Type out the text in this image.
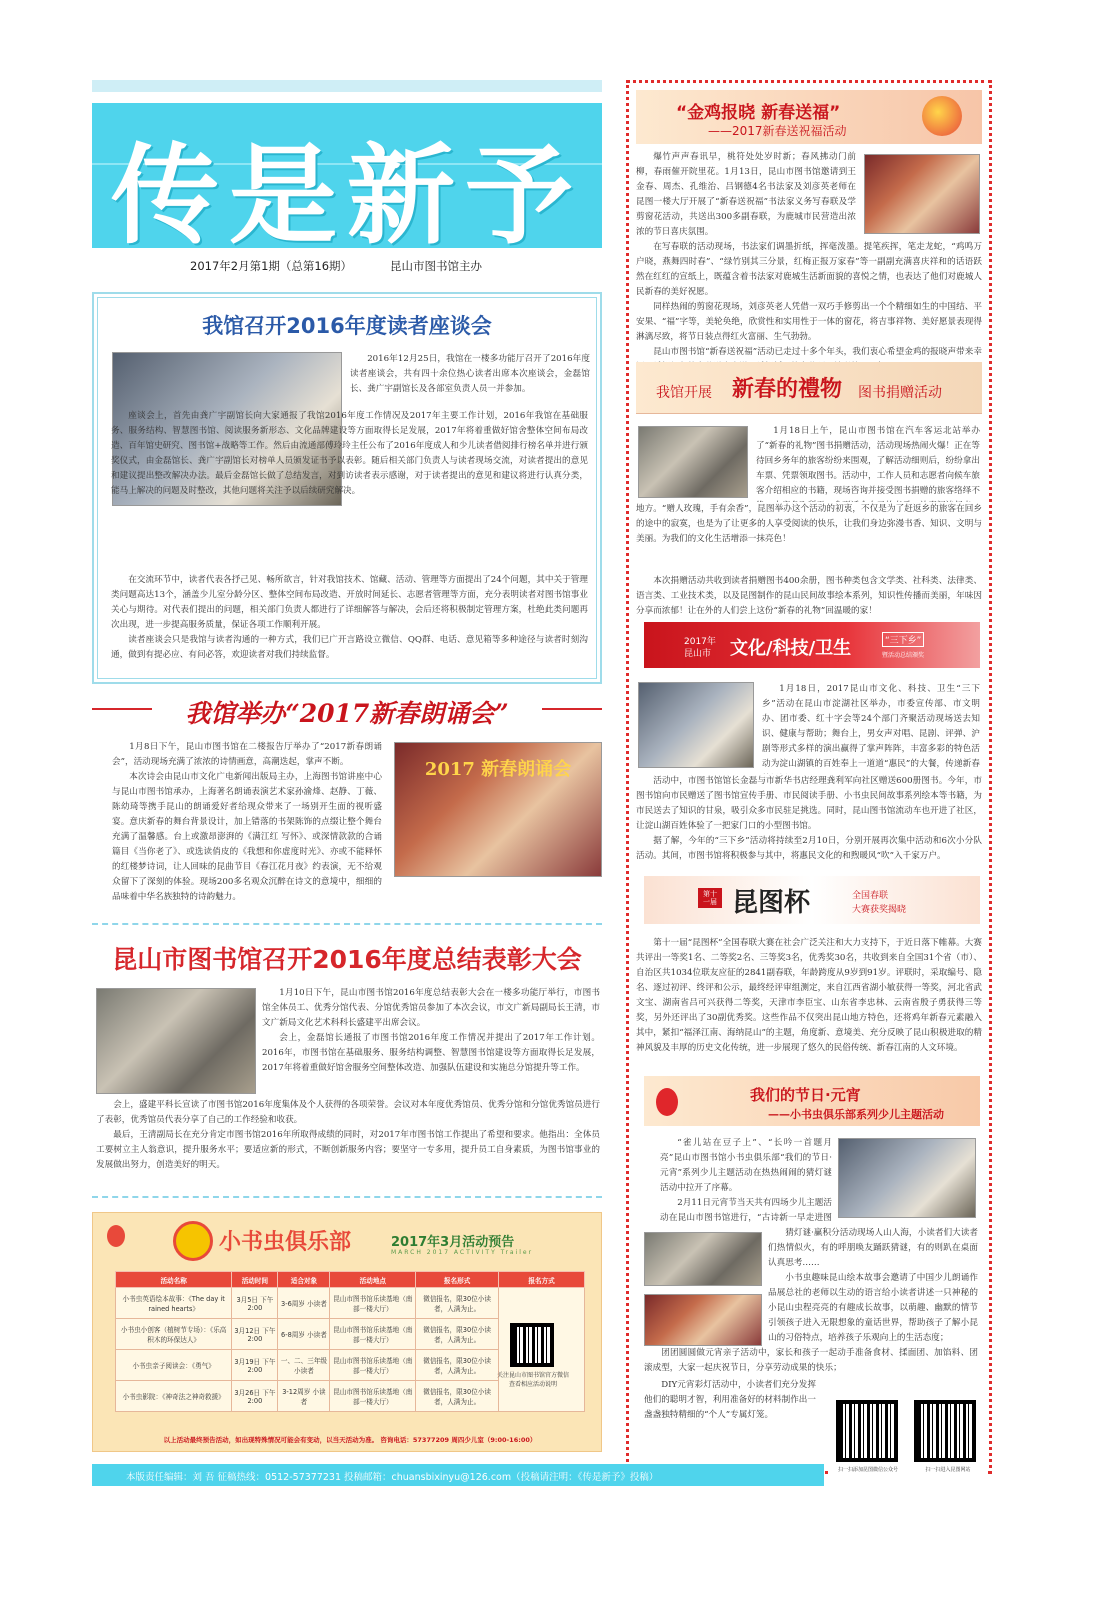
传是新予
2017年2月第1期（总第16期）	昆山市图书馆主办
我馆召开2016年度读者座谈会

2016年12月25日，我馆在一楼多功能厅召开了2016年度读者座谈会，共有四十余位热心读者出席本次座谈会，金磊馆长、龚广宇副馆长及各部室负责人员一并参加。

座谈会上，首先由龚广宇副馆长向大家通报了我馆2016年度工作情况及2017年主要工作计划，2016年我馆在基础服务、服务结构、智慧图书馆、阅读服务新形态、文化品牌建设等方面取得长足发展，2017年将着重做好馆舍整体空间布局改造、百年馆史研究、图书馆+战略等工作。然后由流通部傅玲玲主任公布了2016年度成人和少儿读者借阅排行榜名单并进行颁奖仪式，由金磊馆长、龚广宇副馆长对榜单人员颁发证书予以表彰。随后相关部门负责人与读者现场交流，对读者提出的意见和建议提出整改解决办法。最后金磊馆长做了总结发言，对到访读者表示感谢，对于读者提出的意见和建议将进行认真分类，能马上解决的问题及时整改，其他问题将关注予以后续研究解决。

在交流环节中，读者代表各抒己见、畅所欲言，针对我馆技术、馆藏、活动、管理等方面提出了24个问题，其中关于管理类问题高达13个，涵盖少儿室分龄分区、整体空间布局改造、开放时间延长、志愿者管理等方面，充分表明读者对图书馆事业关心与期待。对代表们提出的问题，相关部门负责人都进行了详细解答与解决，会后还将积极制定管理方案，杜绝此类问题再次出现，进一步提高服务质量，保证各项工作顺利开展。

读者座谈会只是我馆与读者沟通的一种方式，我们已广开言路设立微信、QQ群、电话、意见箱等多种途径与读者时刻沟通，做到有提必应、有问必答，欢迎读者对我们持续监督。

我馆举办“2017新春朗诵会”

1月8日下午，昆山市图书馆在二楼报告厅举办了“2017新春朗诵会”，活动现场充满了浓浓的诗情画意，高潮迭起，掌声不断。

本次诗会由昆山市文化广电新闻出版局主办，上海图书馆讲座中心与昆山市图书馆承办，上海著名朗诵表演艺术家孙渝烽、赵静、丁薇、陈幼琦等携手昆山的朗诵爱好者给现众带来了一场别开生面的视听盛宴。意庆新春的舞台背景设计，加上错落的书架陈饰的点缀让整个舞台充满了温馨感。台上或激昂澎湃的《满江红 写怀》、或深情款款的合诵篇目《当你老了》、或选读俏皮的《我想和你虚度时光》、亦或不能释怀的红楼梦诗词，让人回味的昆曲节目《春江花月夜》约表演，无不给观众留下了深刻的体验。现场200多名观众沉醉在诗文的意境中，细细的品味着中华名族独特的诗韵魅力。

2017 新春朗诵会
昆山市图书馆召开2016年度总结表彰大会

1月10日下午，昆山市图书馆2016年度总结表彰大会在一楼多功能厅举行，市图书馆全体员工、优秀分馆代表、分馆优秀馆员参加了本次会议，市文广新局副局长王清，市文广新局文化艺术科科长盛建平出席会议。

会上，金磊馆长通报了市图书馆2016年度工作情况并提出了2017年工作计划。2016年，市图书馆在基础服务、服务结构调整、智慧图书馆建设等方面取得长足发展，2017年将着重做好馆舍服务空间整体改造、加强队伍建设和实施总分馆提升等工作。

会上，盛建平科长宣读了市图书馆2016年度集体及个人获得的各项荣誉。会议对本年度优秀馆员、优秀分馆和分馆优秀馆员进行了表彰，优秀馆员代表分享了自己的工作经验和收获。

最后，王清副局长在充分肯定市图书馆2016年所取得成绩的同时，对2017年市图书馆工作提出了希望和要求。他指出：全体员工要树立主人翁意识，提升服务水平；要适应新的形式，不断创新服务内容；要坚守一专多用，提升员工自身素质，为图书馆事业的发展做出努力，创造美好的明天。

小书虫俱乐部	2017年3月活动预告
MARCH 2017 ACTIVITY Trailer
活动名称	活动时间	适合对象	活动地点	报名形式	报名方式
小书虫英语绘本故事：《The day it rained hearts》	3月5日 下午2:00	3-6周岁 小读者	昆山市图书馆乐读基地（南部一楼大厅）	微信报名，限30位小读者，人满为止。	
小书虫小创客（植树节专场）：《乐高积木的环保达人》	3月12日 下午2:00	6-8周岁 小读者	昆山市图书馆乐读基地（南部一楼大厅）	微信报名，限30位小读者，人满为止。	
小书虫亲子阅读会：《勇气》	3月19日 下午2:00	一、二、三年级小读者	昆山市图书馆乐读基地（南部一楼大厅）	微信报名，限30位小读者，人满为止。	
小书虫影院：《神奇法之神奇救援》	3月26日 下午2:00	3-12周岁 小读者	昆山市图书馆乐读基地（南部一楼大厅）	微信报名，限30位小读者，人满为止。	
关注昆山市图书馆官方微信 查看相应活动说明
以上活动最终预告活动，如出现特殊情况可能会有变动，以当天活动为准。 咨询电话：57377209 周四少儿室（9:00-16:00）
“金鸡报晓 新春送福”
——2017新春送祝福活动

爆竹声声春讯早，桃符处处岁时新；春风拂动门前柳，春雨催开院里花。1月13日，昆山市图书馆邀请到王金春、周杰、孔维治、吕钢德4名书法家及刘彦英老师在昆图一楼大厅开展了“新春送祝福”书法家义务写春联及学剪窗花活动，共送出300多副春联，为鹿城市民营造出浓浓的节日喜庆氛围。

在写春联的活动现场，书法家们调墨折纸，挥毫泼墨。提笔疾挥，笔走龙蛇，“鸡鸣万户晓，燕舞四时春”、“绿竹别其三分景，红梅正报万家春”等一副副充满喜庆祥和的话语跃然在红红的宣纸上，既蕴含着书法家对鹿城生活新面貌的喜悦之情，也表达了他们对鹿城人民新春的美好祝愿。

同样热闹的剪窗花现场，刘彦英老人凭借一双巧手修剪出一个个精细如生的中国结、平安果、“福”字等，美轮奂绝，欣赏性和实用性于一体的窗花，将吉事祥物、美好愿景表现得淋漓尽致，将节日装点得红火富丽、生气勃勃。

昆山市图书馆“新春送祝福”活动已走过十多个年头，我们衷心希望金鸡的报晓声带来幸

我馆开展 新春的禮物 图书捐赠活动

1月18日上午，昆山市图书馆在汽车客运北站举办了“新春的礼物”图书捐赠活动，活动现场热闹火爆！正在等待回乡务年的旅客纷纷来围观，了解活动细则后，纷纷拿出车票、凭票领取图书。活动中，工作人员和志愿者向候车旅客介绍相应的书籍，现场咨询并接受图书捐赠的旅客络绎不

地方。“赠人玫瑰，手有余香”，昆图举办这个活动的初衷，不仅是为了赶返乡的旅客在回乡的途中的寂寞，也是为了让更多的人享受阅读的快乐，让我们身边弥漫书香、知识、文明与美丽。为我们的文化生活增添一抹亮色！

本次捐赠活动共收到读者捐赠图书400余册，图书种类包含文学类、社科类、法律类、语言类、工业技术类，以及昆图制作的昆山民间故事绘本系列，知识性传播而美丽，年味因分享而浓郁！让在外的人们尝上这份“新春的礼物”回温暖的家！

2017年
昆山市 文化/科技/卫生	“三下乡”
暨活动总结颁奖

1月18日，2017昆山市文化、科技、卫生“三下乡”活动在昆山市淀湖社区举办，市委宣传部、市文明办、团市委、红十字会等24个部门齐聚活动现场送去知识、健康与帮助；舞台上，男女声对唱、昆剧、评弹、沪剧等形式多样的演出赢得了掌声阵阵，丰富多彩的特色活动为淀山湖镇的百姓奉上一道道“惠民”的大餐，传递新春

活动中，市图书馆馆长金磊与市新华书店经理龚利军向社区赠送600册图书。今年，市图书馆向市民赠送了图书馆宣传手册、市民阅读手册、小书虫民间故事系列绘本等书籍，为市民送去了知识的甘泉，吸引众多市民驻足挑选。同时，昆山图书馆流动车也开进了社区，让淀山湖百姓体验了一把家门口的小型图书馆。

据了解，今年的“三下乡”活动将持续至2月10日，分别开展再次集中活动和6次小分队活动。其间，市图书馆将积极参与其中，将惠民文化的和煦暖风“吹”入千家万户。

第十一届 昆图杯	全国春联
大赛获奖揭晓

第十一届“昆图杯”全国春联大赛在社会广泛关注和大力支持下，于近日落下帷幕。大赛共评出一等奖1名、二等奖2名、三等奖3名，优秀奖30名，共收到来自全国31个省（市）、自治区共1034位联友应征的2841副春联，年龄跨度从9岁到91岁。评联时，采取编号、隐名、逐过初评、终评和公示，最终经评审组测定，来自江西省湖小敏获得一等奖，河北省武文宝、湖南省吕可兴获得二等奖，天津市李臣宝、山东省李忠林、云南省殷子勇获得三等奖，另外还评出了30副优秀奖。这些作品不仅突出昆山地方特色，还将鸡年新春元素融入其中，紧扣“福泽江南、海纳昆山”的主题，角度新、意境美、充分反映了昆山积极进取的精神风貌及丰厚的历史文化传统，进一步展现了悠久的民俗传统、新春江南的人文环境。

我们的节日·元宵
——小书虫俱乐部系列少儿主题活动

“雀儿站在豆子上”、“长吟一首题月亮”昆山市图书馆小书虫俱乐部“我们的节日·元宵”系列少儿主题活动在热热闹闹的猜灯谜活动中拉开了序幕。

2月11日元宵节当天共有四场少儿主题活动在昆山市图书馆进行，“古诗新一早走进图

猜灯谜·赢积分活动现场人山人海，小读者们大读者们热情似火，有的呼朋唤友踊跃猜谜，有的则趴在桌面认真思考……

小书虫趣味昆山绘本故事会邀请了中国少儿朗诵作品展总社的老师以生动的语言给小读者讲述一只神秘的小昆山虫程亮亮的有趣成长故事，以萌趣、幽默的情节引领孩子进入无限想象的童话世界，帮助孩子了解小昆山的习俗特点，培养孩子乐观向上的生活态度；

团团圆圆做元宵亲子活动中，家长和孩子一起动手准备食材、揉面团、加馅料、团滚成型，大家一起庆祝节日，分享劳动成果的快乐；

DIY元宵彩灯活动中，小读者们充分发挥他们的聪明才智，利用准备好的材料制作出一盏盏独特精细的“个人”专属灯笼。

扫一扫添加昆图微信公众号	扫一扫进入昆图网站
本版责任编辑：刘 吾 征稿热线：0512-57377231 投稿邮箱：chuansbixinyu@126.com（投稿请注明：《传是新予》投稿）
